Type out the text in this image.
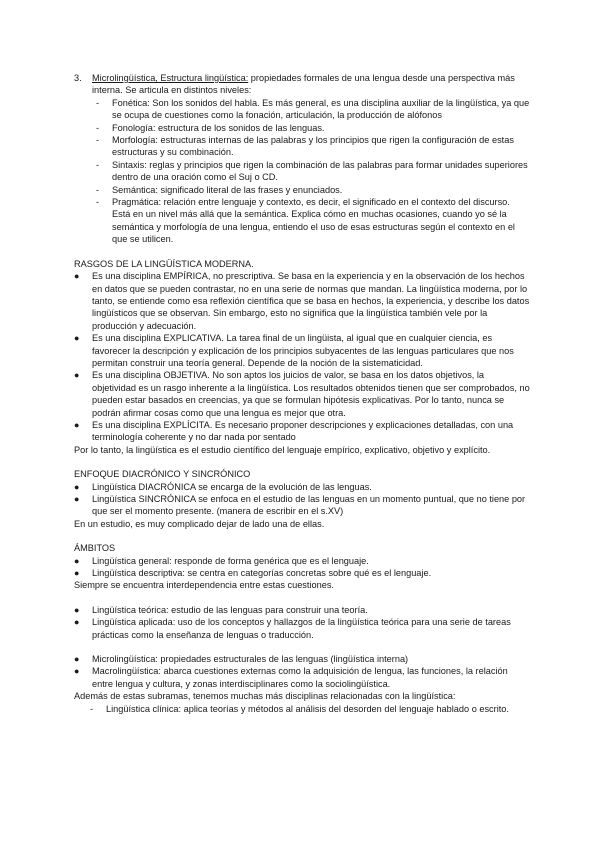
3.	Microlingüística, Estructura lingüística: propiedades formales de una lengua desde una perspectiva más interna. Se articula en distintos niveles:

-	Fonética: Son los sonidos del habla. Es más general, es una disciplina auxiliar de la lingüística, ya que se ocupa de cuestiones como la fonación, articulación, la producción de alófonos
-	Fonología: estructura de los sonidos de las lenguas.
-	Morfología: estructuras internas de las palabras y los principios que rigen la configuración de estas estructuras y su combinación.
-	Sintaxis: reglas y principios que rigen la combinación de las palabras para formar unidades superiores dentro de una oración como el Suj o CD.
-	Semántica: significado literal de las frases y enunciados.
-	Pragmática: relación entre lenguaje y contexto, es decir, el significado en el contexto del discurso. Está en un nivel más allá que la semántica. Explica cómo en muchas ocasiones, cuando yo sé la semántica y morfología de una lengua, entiendo el uso de esas estructuras según el contexto en el que se utilicen.

RASGOS DE LA LINGÜÍSTICA MODERNA.

●	Es una disciplina EMPÍRICA, no prescriptiva. Se basa en la experiencia y en la observación de los hechos en datos que se pueden contrastar, no en una serie de normas que mandan. La lingüística moderna, por lo tanto, se entiende como esa reflexión científica que se basa en hechos, la experiencia, y describe los datos lingüísticos que se observan. Sin embargo, esto no significa que la lingüística también vele por la producción y adecuación.
●	Es una disciplina EXPLICATIVA. La tarea final de un lingüista, al igual que en cualquier ciencia, es favorecer la descripción y explicación de los principios subyacentes de las lenguas particulares que nos permitan construir una teoría general. Depende de la noción de la sistematicidad.
●	Es una disciplina OBJETIVA. No son aptos los juicios de valor, se basa en los datos objetivos, la objetividad es un rasgo inherente a la lingüística. Los resultados obtenidos tienen que ser comprobados, no pueden estar basados en creencias, ya que se formulan hipótesis explicativas. Por lo tanto, nunca se podrán afirmar cosas como que una lengua es mejor que otra.
●	Es una disciplina EXPLÍCITA. Es necesario proponer descripciones y explicaciones detalladas, con una terminología coherente y no dar nada por sentado

Por lo tanto, la lingüística es el estudio científico del lenguaje empírico, explicativo, objetivo y explícito.

ENFOQUE DIACRÓNICO Y SINCRÓNICO

●	Lingüística DIACRÓNICA se encarga de la evolución de las lenguas.
●	Lingüística SINCRÓNICA se enfoca en el estudio de las lenguas en un momento puntual, que no tiene por que ser el momento presente. (manera de escribir en el s.XV)

En un estudio, es muy complicado dejar de lado una de ellas.

ÁMBITOS

●	Lingüística general: responde de forma genérica que es el lenguaje.
●	Lingüística descriptiva: se centra en categorías concretas sobre qué es el lenguaje.

Siempre se encuentra interdependencia entre estas cuestiones.

●	Lingüística teórica: estudio de las lenguas para construir una teoría.
●	Lingüística aplicada: uso de los conceptos y hallazgos de la lingüística teórica para una serie de tareas prácticas como la enseñanza de lenguas o traducción.
●	Microlingüística: propiedades estructurales de las lenguas (lingüística interna)
●	Macrolingüística: abarca cuestiones externas como la adquisición de lengua, las funciones, la relación entre lengua y cultura, y zonas interdisciplinares como la sociolingüística.

Además de estas subramas, tenemos muchas más disciplinas relacionadas con la lingüística:

-	Lingüística clínica: aplica teorías y métodos al análisis del desorden del lenguaje hablado o escrito.
